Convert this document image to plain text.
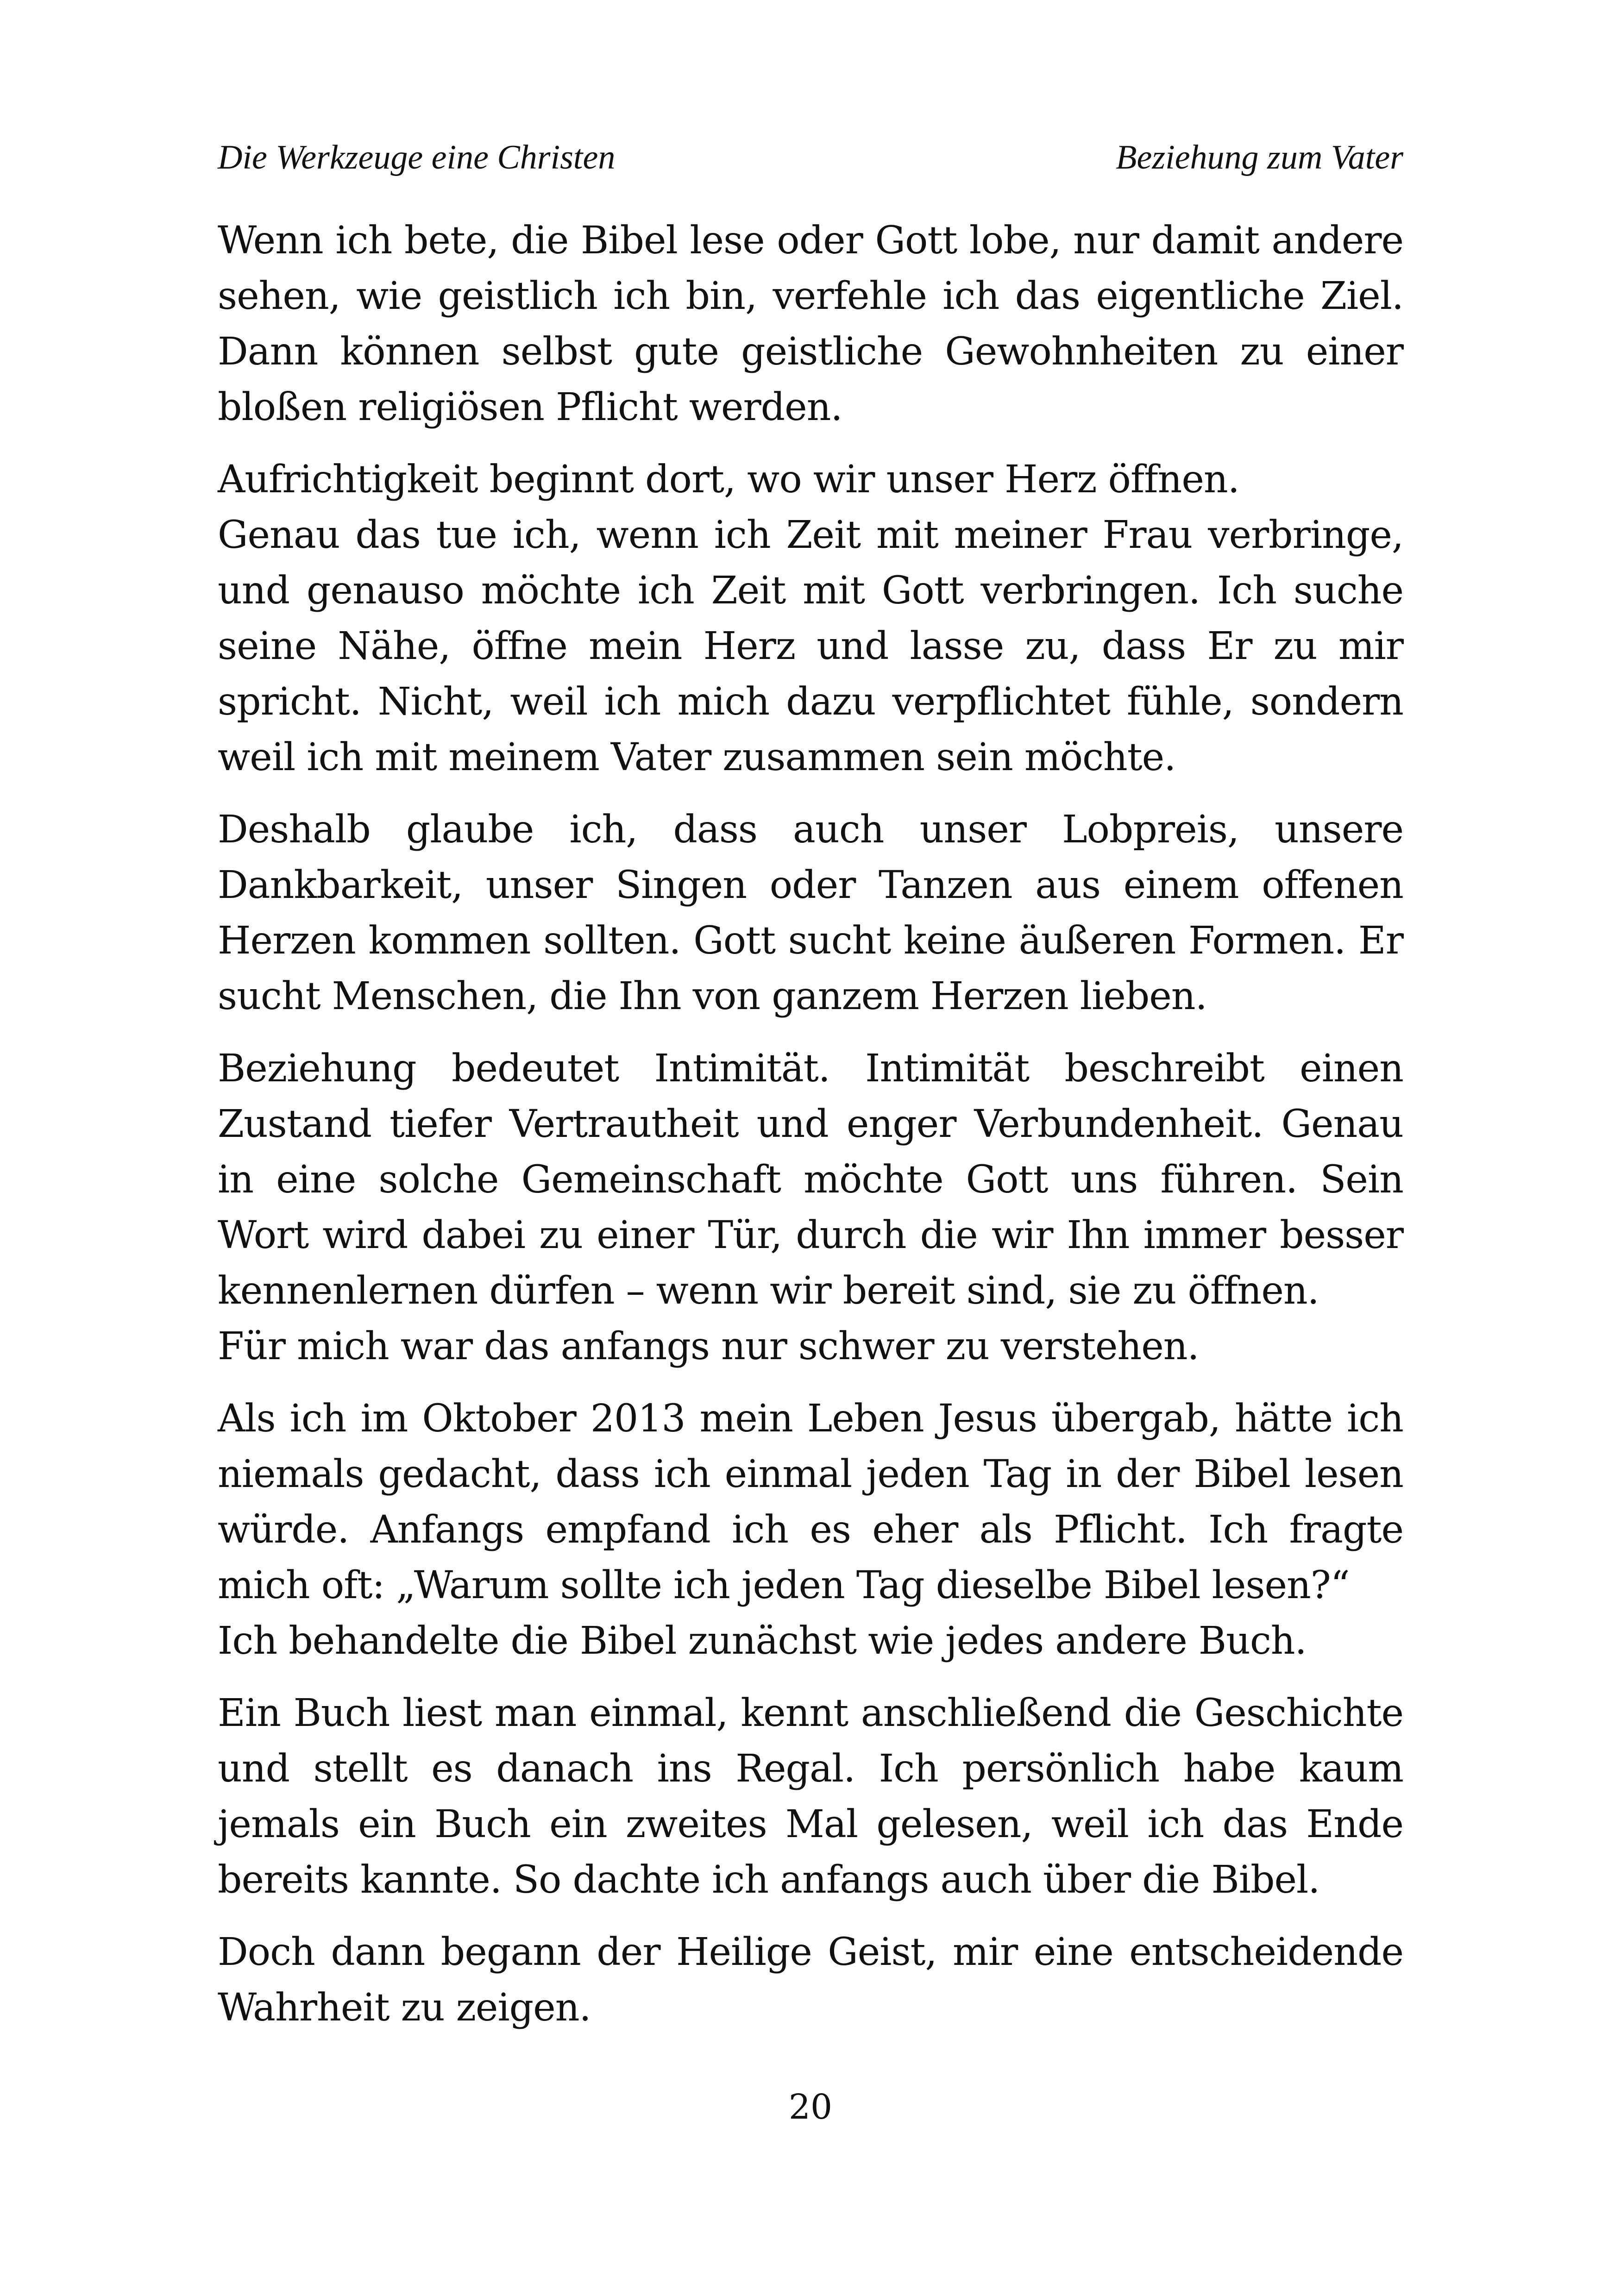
Die Werkzeuge eine Christen	Beziehung zum Vater

Wenn ich bete, die Bibel lese oder Gott lobe, nur damit andere sehen, wie geistlich ich bin, verfehle ich das eigentliche Ziel. Dann können selbst gute geistliche Gewohnheiten zu einer bloßen religiösen Pflicht werden.

Aufrichtigkeit beginnt dort, wo wir unser Herz öffnen.
Genau das tue ich, wenn ich Zeit mit meiner Frau verbringe, und genauso möchte ich Zeit mit Gott verbringen. Ich suche seine Nähe, öffne mein Herz und lasse zu, dass Er zu mir spricht. Nicht, weil ich mich dazu verpflichtet fühle, sondern weil ich mit meinem Vater zusammen sein möchte.

Deshalb glaube ich, dass auch unser Lobpreis, unsere Dankbarkeit, unser Singen oder Tanzen aus einem offenen Herzen kommen sollten. Gott sucht keine äußeren Formen. Er sucht Menschen, die Ihn von ganzem Herzen lieben.

Beziehung bedeutet Intimität. Intimität beschreibt einen Zustand tiefer Vertrautheit und enger Verbundenheit. Genau in eine solche Gemeinschaft möchte Gott uns führen. Sein Wort wird dabei zu einer Tür, durch die wir Ihn immer besser kennenlernen dürfen – wenn wir bereit sind, sie zu öffnen.
Für mich war das anfangs nur schwer zu verstehen.

Als ich im Oktober 2013 mein Leben Jesus übergab, hätte ich niemals gedacht, dass ich einmal jeden Tag in der Bibel lesen würde. Anfangs empfand ich es eher als Pflicht. Ich fragte mich oft: „Warum sollte ich jeden Tag dieselbe Bibel lesen?“
Ich behandelte die Bibel zunächst wie jedes andere Buch.

Ein Buch liest man einmal, kennt anschließend die Geschichte und stellt es danach ins Regal. Ich persönlich habe kaum jemals ein Buch ein zweites Mal gelesen, weil ich das Ende bereits kannte. So dachte ich anfangs auch über die Bibel.

Doch dann begann der Heilige Geist, mir eine entscheidende Wahrheit zu zeigen.

20
